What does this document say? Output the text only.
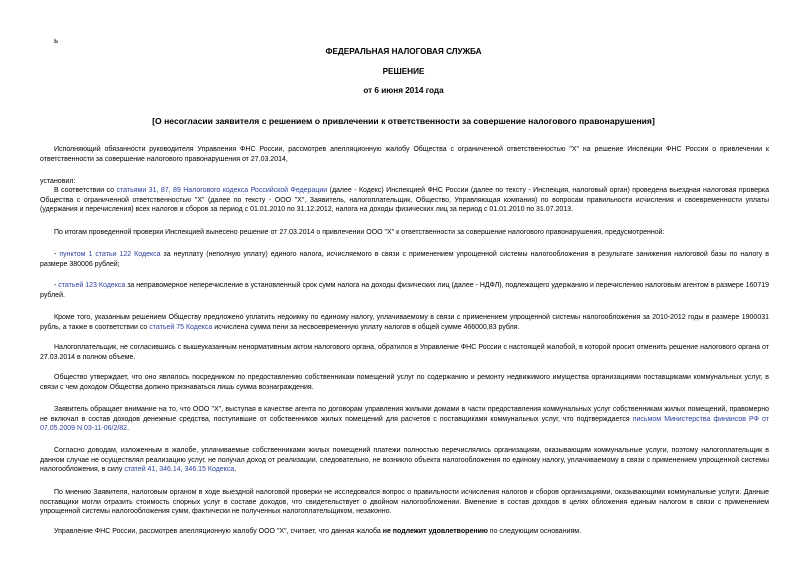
ь
ФЕДЕРАЛЬНАЯ НАЛОГОВАЯ СЛУЖБА
РЕШЕНИЕ
от 6 июня 2014 года
[О несогласии заявителя с решением о привлечении к ответственности за совершение налогового правонарушения]
Исполняющий обязанности руководителя Управления ФНС России, рассмотрев апелляционную жалобу Общества с ограниченной ответственностью "X" на решение Инспекции ФНС России о привлечении к ответственности за совершение налогового правонарушения от 27.03.2014,
установил:
В соответствии со статьями 31, 87, 89 Налогового кодекса Российской Федерации (далее - Кодекс) Инспекцией ФНС России (далее по тексту - Инспекция, налоговый орган) проведена выездная налоговая проверка Общества с ограниченной ответственностью "X" (далее по тексту - ООО "X", Заявитель, налогоплательщик, Общество, Управляющая компания) по вопросам правильности исчисления и своевременности уплаты (удержания и перечисления) всех налогов и сборов за период с 01.01.2010 по 31.12.2012, налога на доходы физических лиц за период с 01.01.2010 по 31.07.2013.
По итогам проведенной проверки Инспекцией вынесено решение от 27.03.2014 о привлечении ООО "X" к ответственности за совершение налогового правонарушения, предусмотренной:
- пунктом 1 статьи 122 Кодекса за неуплату (неполную уплату) единого налога, исчисляемого в связи с применением упрощенной системы налогообложения в результате занижения налоговой базы по налогу в размере 380006 рублей;
- статьей 123 Кодекса за неправомерное неперечисление в установленный срок сумм налога на доходы физических лиц (далее - НДФЛ), подлежащего удержанию и перечислению налоговым агентом в размере 160719 рублей.
Кроме того, указанным решением Обществу предложено уплатить недоимку по единому налогу, уплачиваемому в связи с применением упрощенной системы налогообложения за 2010-2012 годы в размере 1900031 рубль, а также в соответствии со статьей 75 Кодекса исчислена сумма пени за несвоевременную уплату налогов в общей сумме 466000,83 рубля.
Налогоплательщик, не согласившись с вышеуказанным ненормативным актом налогового органа, обратился в Управление ФНС России с настоящей жалобой, в которой просит отменить решение налогового органа от 27.03.2014 в полном объеме.
Общество утверждает, что оно являлось посредником по предоставлению собственникам помещений услуг по содержанию и ремонту недвижимого имущества организациями поставщиками коммунальных услуг, в связи с чем доходом Общества должно признаваться лишь сумма вознаграждения.
Заявитель обращает внимание на то, что ООО "X", выступая в качестве агента по договорам управления жилыми домами в части предоставления коммунальных услуг собственникам жилых помещений, правомерно не включал в состав доходов денежные средства, поступившие от собственников жилых помещений для расчетов с поставщиками коммунальных услуг, что подтверждается письмом Министерства финансов РФ от 07.05.2009 N 03-11-06/2/82.
Согласно доводам, изложенным в жалобе, уплачиваемые собственниками жилых помещений платежи полностью перечислялись организациям, оказывающим коммунальные услуги, поэтому налогоплательщик в данном случае не осуществлял реализацию услуг, не получал доход от реализации, следовательно, не возникло объекта налогообложения по единому налогу, уплачиваемому в связи с применением упрощенной системы налогообложения, в силу статей 41, 346.14, 346.15 Кодекса.
По мнению Заявителя, налоговым органом в ходе выездной налоговой проверки не исследовался вопрос о правильности исчисления налогов и сборов организациями, оказывающими коммунальные услуги. Данные поставщики могли отразить стоимость спорных услуг в составе доходов, что свидетельствует о двойном налогообложении. Вменение в состав доходов в целях обложения единым налогом в связи с применением упрощенной системы налогообложения сумм, фактически не полученных налогоплательщиком, незаконно.
Управление ФНС России, рассмотрев апелляционную жалобу ООО "X", считает, что данная жалоба не подлежит удовлетворению по следующим основаниям.
